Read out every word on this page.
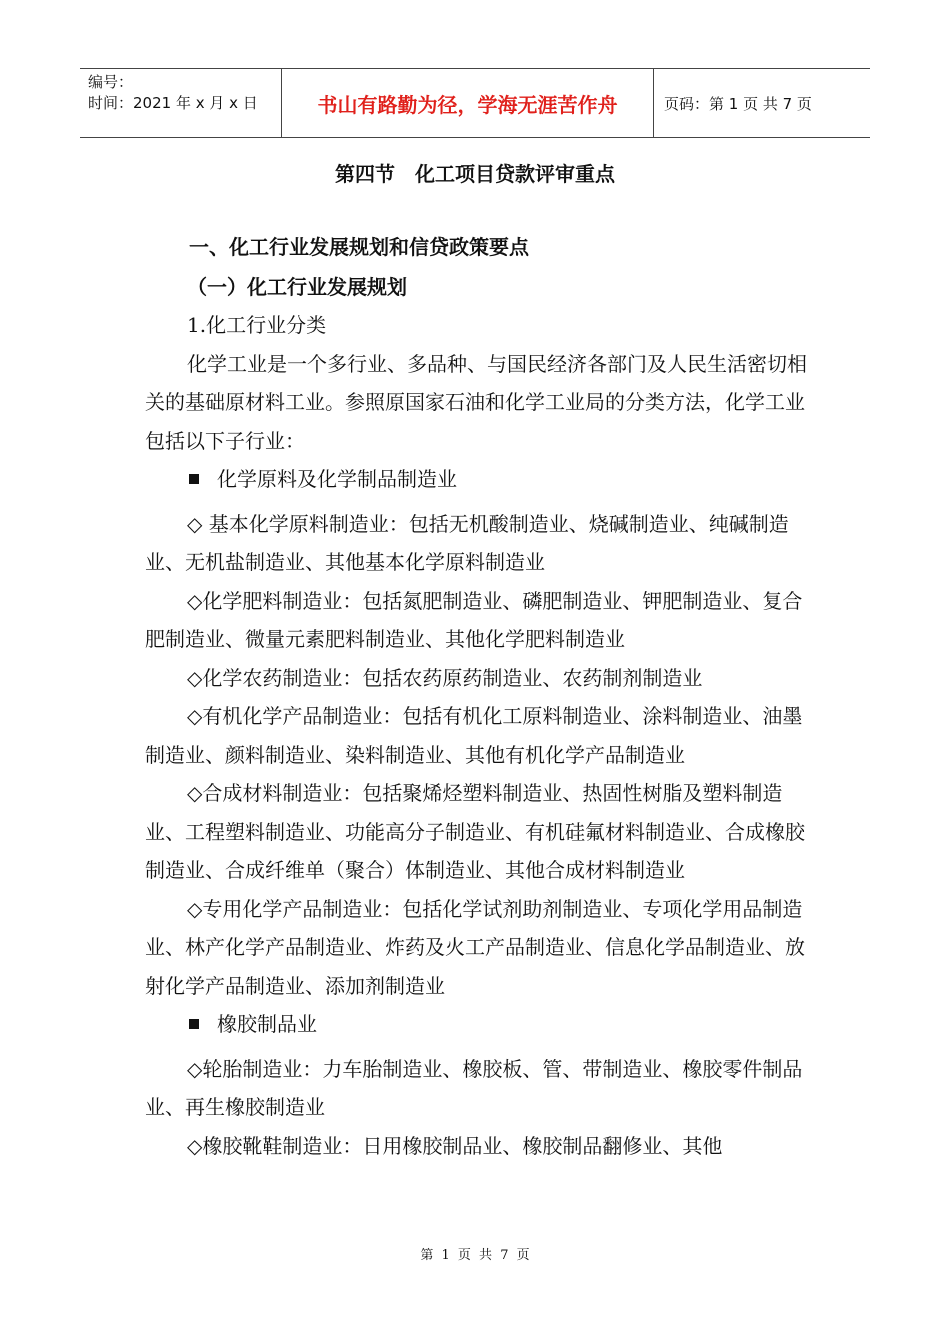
编号：
时间：2021 年 x 月 x 日	书山有路勤为径，学海无涯苦作舟	页码：第 1 页 共 7 页
第四节　化工项目贷款评审重点
一、化工行业发展规划和信贷政策要点
（一）化工行业发展规划

1.化工行业分类

化学工业是一个多行业、多品种、与国民经济各部门及人民生活密切相关的基础原材料工业。参照原国家石油和化学工业局的分类方法，化学工业包括以下子行业：

化学原料及化学制品制造业

◇ 基本化学原料制造业：包括无机酸制造业、烧碱制造业、纯碱制造业、无机盐制造业、其他基本化学原料制造业

◇化学肥料制造业：包括氮肥制造业、磷肥制造业、钾肥制造业、复合肥制造业、微量元素肥料制造业、其他化学肥料制造业

◇化学农药制造业：包括农药原药制造业、农药制剂制造业

◇有机化学产品制造业：包括有机化工原料制造业、涂料制造业、油墨制造业、颜料制造业、染料制造业、其他有机化学产品制造业

◇合成材料制造业：包括聚烯烃塑料制造业、热固性树脂及塑料制造业、工程塑料制造业、功能高分子制造业、有机硅氟材料制造业、合成橡胶制造业、合成纤维单（聚合）体制造业、其他合成材料制造业

◇专用化学产品制造业：包括化学试剂助剂制造业、专项化学用品制造业、林产化学产品制造业、炸药及火工产品制造业、信息化学品制造业、放射化学产品制造业、添加剂制造业

橡胶制品业

◇轮胎制造业：力车胎制造业、橡胶板、管、带制造业、橡胶零件制品业、再生橡胶制造业

◇橡胶靴鞋制造业：日用橡胶制品业、橡胶制品翻修业、其他

第 1 页 共 7 页
